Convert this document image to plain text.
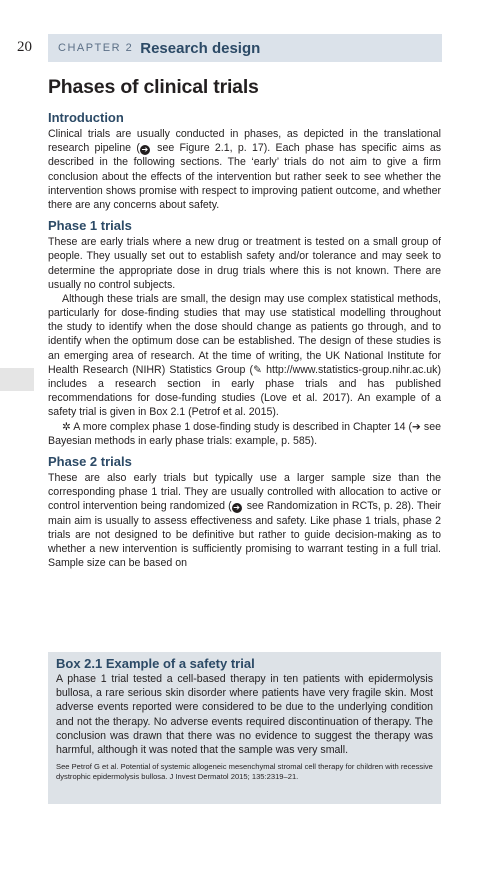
20 CHAPTER 2 Research design
Phases of clinical trials
Introduction

Clinical trials are usually conducted in phases, as depicted in the translational research pipeline ( ➔ see Figure 2.1, p. 17). Each phase has specific aims as described in the following sections. The ‘early’ trials do not aim to give a firm conclusion about the effects of the intervention but rather seek to see whether the intervention shows promise with respect to improving patient outcome, and whether there are any concerns about safety.

Phase 1 trials

These are early trials where a new drug or treatment is tested on a small group of people. They usually set out to establish safety and/or tolerance and may seek to determine the appropriate dose in drug trials where this is not known. There are usually no control subjects.

Although these trials are small, the design may use complex statistical methods, particularly for dose-finding studies that may use statistical modelling throughout the study to identify when the dose should change as patients go through, and to identify when the optimum dose can be established. The design of these studies is an emerging area of research. At the time of writing, the UK National Institute for Health Research (NIHR) Statistics Group (✎ http://www.statistics-group.nihr.ac.uk) includes a research section in early phase trials and has published recommendations for dose-funding studies (Love et al. 2017). An example of a safety trial is given in Box 2.1 (Petrof et al. 2015).

✲ A more complex phase 1 dose-finding study is described in Chapter 14 (➔ see Bayesian methods in early phase trials: example, p. 585).

Phase 2 trials

These are also early trials but typically use a larger sample size than the corresponding phase 1 trial. They are usually controlled with allocation to active or control intervention being randomized ( ➔ see Randomization in RCTs, p. 28). Their main aim is usually to assess effectiveness and safety. Like phase 1 trials, phase 2 trials are not designed to be definitive but rather to guide decision-making as to whether a new intervention is sufficiently promising to warrant testing in a full trial. Sample size can be based on

Box 2.1 Example of a safety trial
A phase 1 trial tested a cell-based therapy in ten patients with epidermolysis bullosa, a rare serious skin disorder where patients have very fragile skin. Most adverse events reported were considered to be due to the underlying condition and not the therapy. No adverse events required discontinuation of therapy. The conclusion was drawn that there was no evidence to suggest the therapy was harmful, although it was noted that the sample was very small.
See Petrof G et al. Potential of systemic allogeneic mesenchymal stromal cell therapy for children with recessive dystrophic epidermolysis bullosa. J Invest Dermatol 2015; 135:2319–21.
